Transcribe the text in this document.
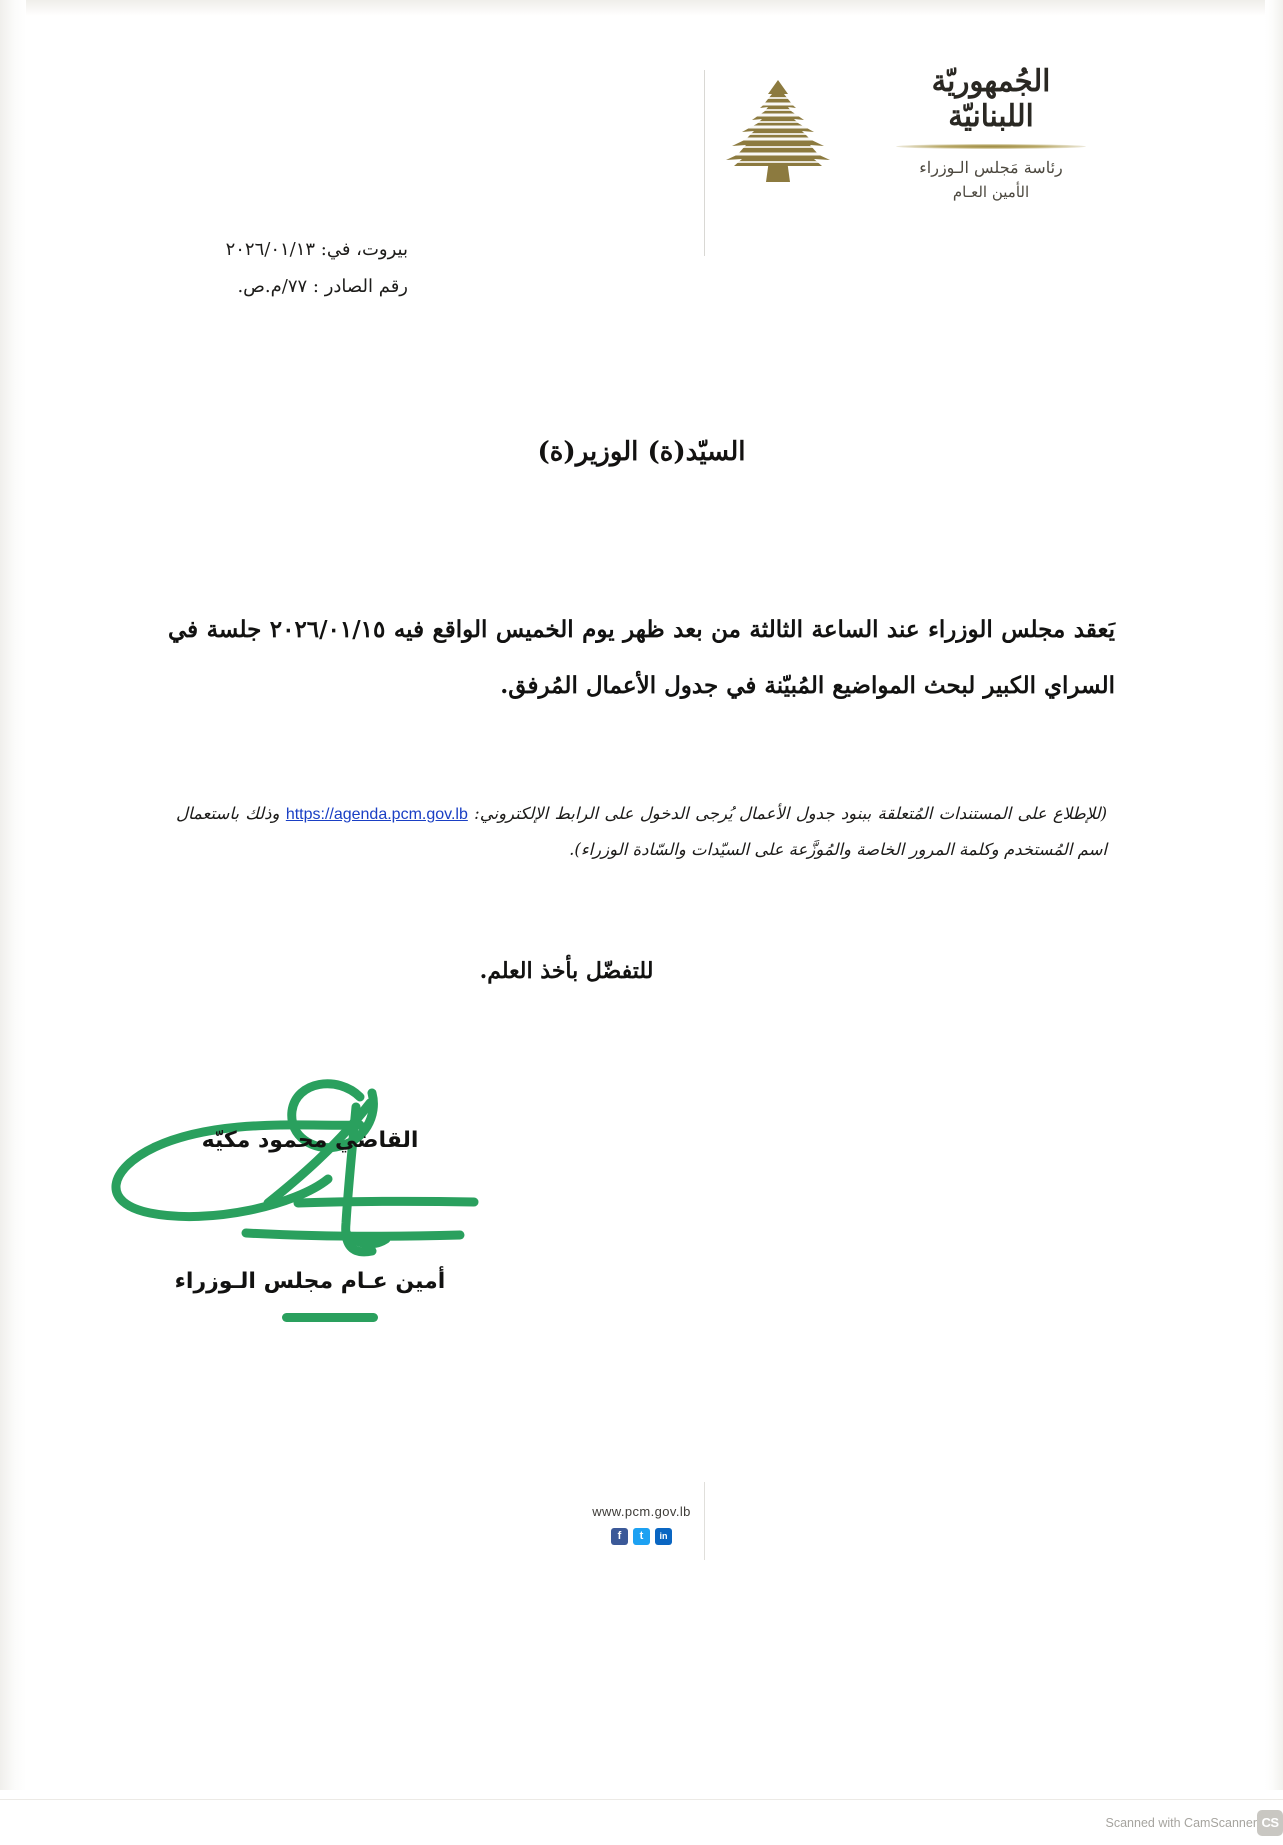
الجُمهوريّة
اللبنانيّة
رئاسة مَجلس الـوزراء
الأمين العـام
بيروت، في: ٢٠٢٦/٠١/١٣
رقم الصادر : ٧٧/م.ص.
السيّد(ة) الوزير(ة)
يَعقد مجلس الوزراء عند الساعة الثالثة من بعد ظهر يوم الخميس الواقع فيه ٢٠٢٦/٠١/١٥ جلسة في السراي الكبير لبحث المواضيع المُبيّنة في جدول الأعمال المُرفق.
(للإطلاع على المستندات المُتعلقة ببنود جدول الأعمال يُرجى الدخول على الرابط الإلكتروني: https://agenda.pcm.gov.lb وذلك باستعمال اسم المُستخدم وكلمة المرور الخاصة والمُوزَّعة على السيّدات والسّادة الوزراء).
للتفضّل بأخذ العلم.
القاضي محمود مكيّه
أمين عـام مجلس الـوزراء
www.pcm.gov.lb
f	t	in
CS
Scanned with CamScanner
